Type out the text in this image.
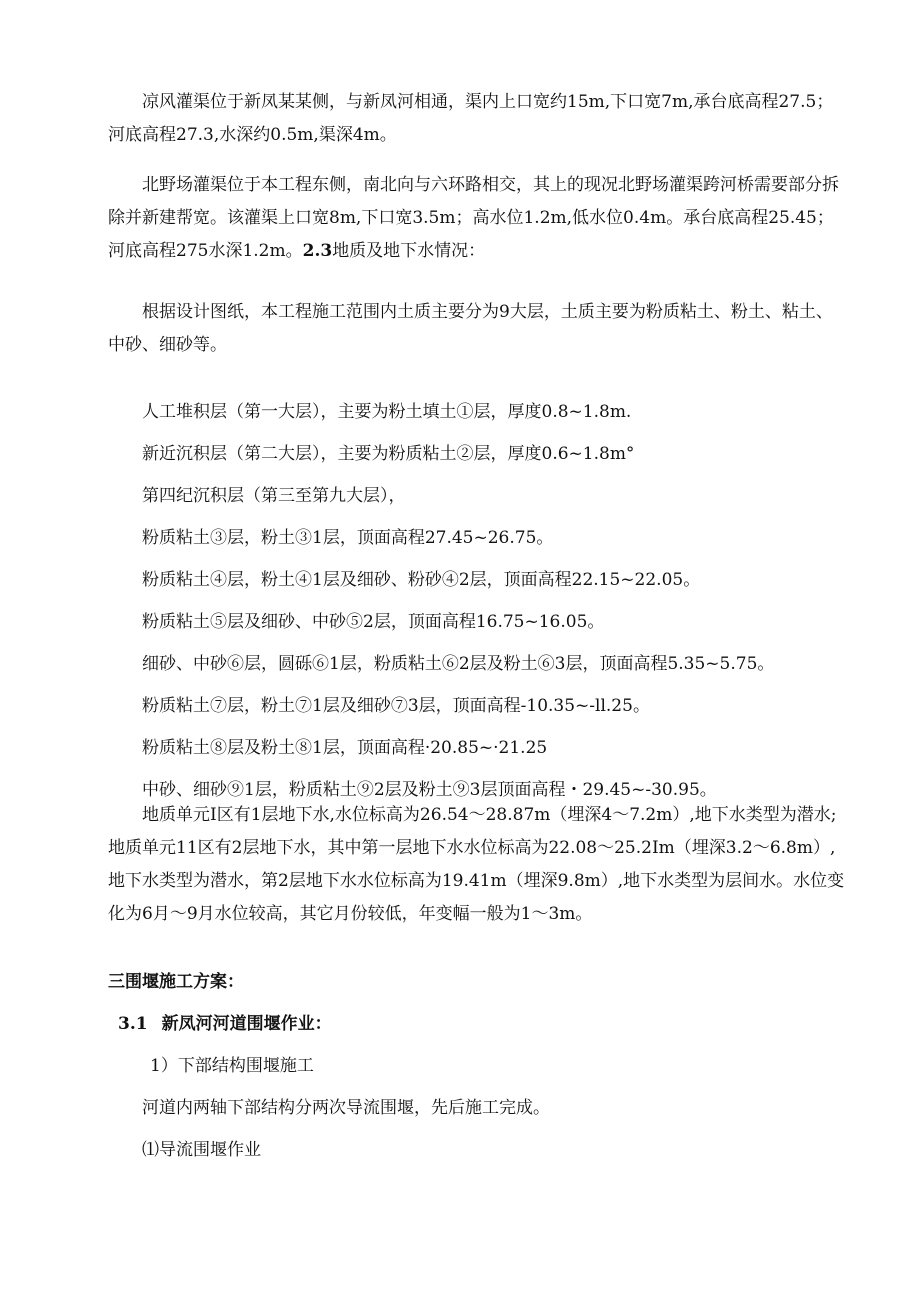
凉风灌渠位于新凤某某侧，与新凤河相通，渠内上口宽约15m,下口宽7m,承台底高程27.5；河底高程27.3,水深约0.5m,渠深4m。

北野场灌渠位于本工程东侧，南北向与六环路相交，其上的现况北野场灌渠跨河桥需要部分拆除并新建帮宽。该灌渠上口宽8m,下口宽3.5m；高水位1.2m,低水位0.4m。承台底高程25.45；河底高程275水深1.2m。2.3地质及地下水情况：

根据设计图纸，本工程施工范围内土质主要分为9大层，土质主要为粉质粘土、粉土、粘土、中砂、细砂等。

人工堆积层（第一大层），主要为粉土填土①层，厚度0.8~1.8m.

新近沉积层（第二大层），主要为粉质粘土②层，厚度0.6~1.8m°

第四纪沉积层（第三至第九大层），

粉质粘土③层，粉土③1层，顶面高程27.45~26.75。

粉质粘土④层，粉土④1层及细砂、粉砂④2层，顶面高程22.15~22.05。

粉质粘土⑤层及细砂、中砂⑤2层，顶面高程16.75~16.05。

细砂、中砂⑥层，圆砾⑥1层，粉质粘土⑥2层及粉土⑥3层，顶面高程5.35~5.75。

粉质粘土⑦层，粉土⑦1层及细砂⑦3层，顶面高程-10.35~-ll.25。

粉质粘土⑧层及粉土⑧1层，顶面高程·20.85~·21.25

中砂、细砂⑨1层，粉质粘土⑨2层及粉土⑨3层顶面高程・29.45~-30.95。

地质单元I区有1层地下水,水位标高为26.54～28.87m（埋深4～7.2m）,地下水类型为潜水;地质单元11区有2层地下水，其中第一层地下水水位标高为22.08～25.2Im（埋深3.2～6.8m）,地下水类型为潜水，第2层地下水水位标高为19.41m（埋深9.8m）,地下水类型为层间水。水位变化为6月～9月水位较高，其它月份较低，年变幅一般为1～3m。

三围堰施工方案：
3.1 新凤河河道围堰作业：
1）下部结构围堰施工
河道内两轴下部结构分两次导流围堰，先后施工完成。
⑴导流围堰作业
